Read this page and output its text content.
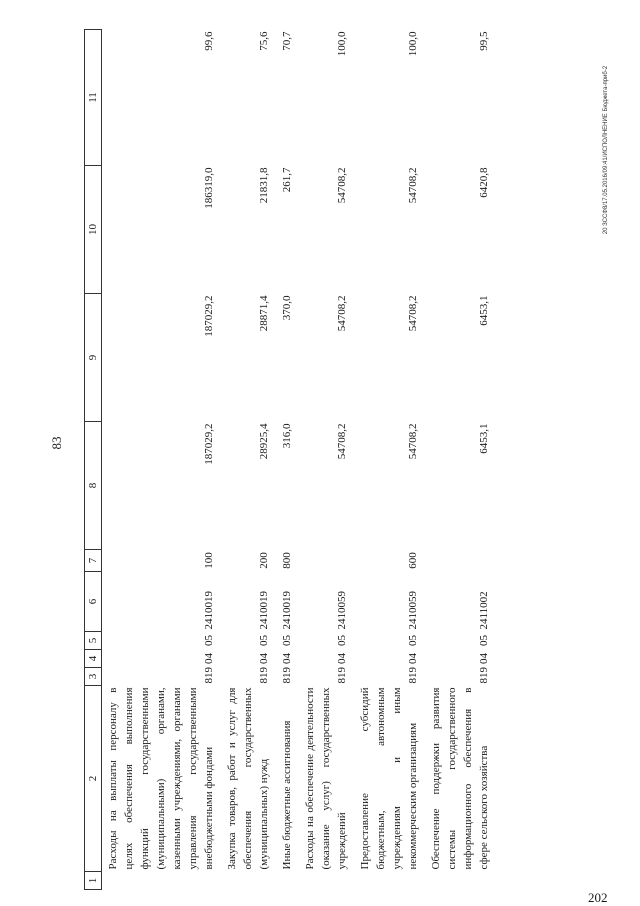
83
20 ЗССФ8/17.05.2016/09:41/ИСПОЛНЕНИЕ Бюджета-приб-2
202
1	2	3	4	5	6	7	8	9	10	11
	Расходы на выплаты персоналу в целях обеспечения выполнения функций государственными (муниципальными) органами, казенными учреждениями, органами управления государственными внебюджетными фондами	819	04	05	2410019	100	187029,2	187029,2	186319,0	99,6
	Закупка товаров, работ и услуг для обеспечения государственных (муниципальных) нужд	819	04	05	2410019	200	28925,4	28871,4	21831,8	75,6
	Иные бюджетные ассигнования	819	04	05	2410019	800	316,0	370,0	261,7	70,7
	Расходы на обеспечение деятельности (оказание услуг) государственных учреждений	819	04	05	2410059		54708,2	54708,2	54708,2	100,0
	Предоставление субсидий бюджетным, автономным учреждениям и иным некоммерческим организациям	819	04	05	2410059	600	54708,2	54708,2	54708,2	100,0
	Обеспечение поддержки развития системы государственного информационного обеспечения в сфере сельского хозяйства	819	04	05	2411002		6453,1	6453,1	6420,8	99,5
